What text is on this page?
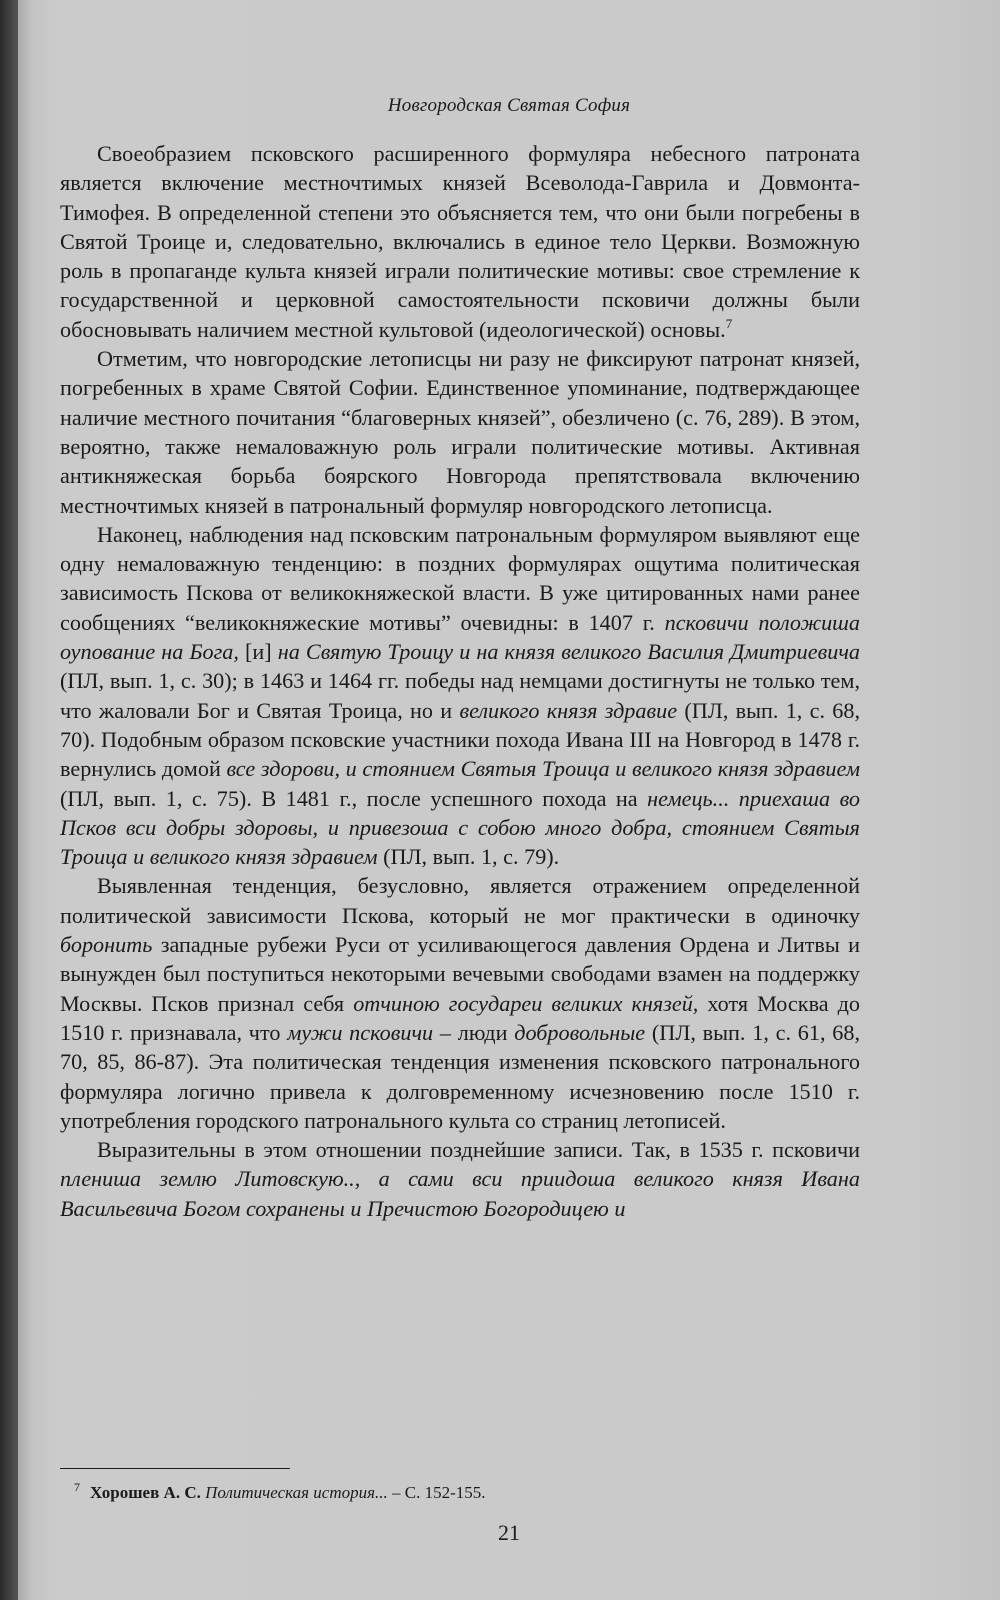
Новгородская Святая София

Своеобразием псковского расширенного формуляра небесного патроната является включение местночтимых князей Всеволода-Гаврила и Довмонта-Тимофея. В определенной степени это объясняется тем, что они были погребены в Святой Троице и, следовательно, включались в единое тело Церкви. Возможную роль в пропаганде культа князей играли политические мотивы: свое стремление к государственной и церковной самостоятельности псковичи должны были обосновывать наличием местной культовой (идеологической) основы.$^7$

Отметим, что новгородские летописцы ни разу не фиксируют патронат князей, погребенных в храме Святой Софии. Единственное упоминание, подтверждающее наличие местного почитания “благоверных князей”, обезличено (с. 76, 289). В этом, вероятно, также немаловажную роль играли политические мотивы. Активная антикняжеская борьба боярского Новгорода препятствовала включению местночтимых князей в патрональный формуляр новгородского летописца.

Наконец, наблюдения над псковским патрональным формуляром выявляют еще одну немаловажную тенденцию: в поздних формулярах ощутима политическая зависимость Пскова от великокняжеской власти. В уже цитированных нами ранее сообщениях “великокняжеские мотивы” очевидны: в 1407 г. псковичи положиша оупование на Бога, [и] на Святую Троицу и на князя великого Василия Дмитриевича (ПЛ, вып. 1, с. 30); в 1463 и 1464 гг. победы над немцами достигнуты не только тем, что жаловали Бог и Святая Троица, но и великого князя здравие (ПЛ, вып. 1, с. 68, 70). Подобным образом псковские участники похода Ивана III на Новгород в 1478 г. вернулись домой все здорови, и стоянием Святыя Троица и великого князя здравием (ПЛ, вып. 1, с. 75). В 1481 г., после успешного похода на немець... приехаша во Псков вси добры здоровы, и привезоша с собою много добра, стоянием Святыя Троица и великого князя здравием (ПЛ, вып. 1, с. 79).

Выявленная тенденция, безусловно, является отражением определенной политической зависимости Пскова, который не мог практически в одиночку боронить западные рубежи Руси от усиливающегося давления Ордена и Литвы и вынужден был поступиться некоторыми вечевыми свободами взамен на поддержку Москвы. Псков признал себя отчиною государеи великих князей, хотя Москва до 1510 г. признавала, что мужи псковичи – люди добровольные (ПЛ, вып. 1, с. 61, 68, 70, 85, 86-87). Эта политическая тенденция изменения псковского патронального формуляра логично привела к долговременному исчезновению после 1510 г. употребления городского патронального культа со страниц летописей.

Выразительны в этом отношении позднейшие записи. Так, в 1535 г. псковичи плениша землю Литовскую.., а сами вси приидоша великого князя Ивана Васильевича Богом сохранены и Пречистою Богородицею и

$^7$ Хорошев А. С. Политическая история... – С. 152-155.
21
